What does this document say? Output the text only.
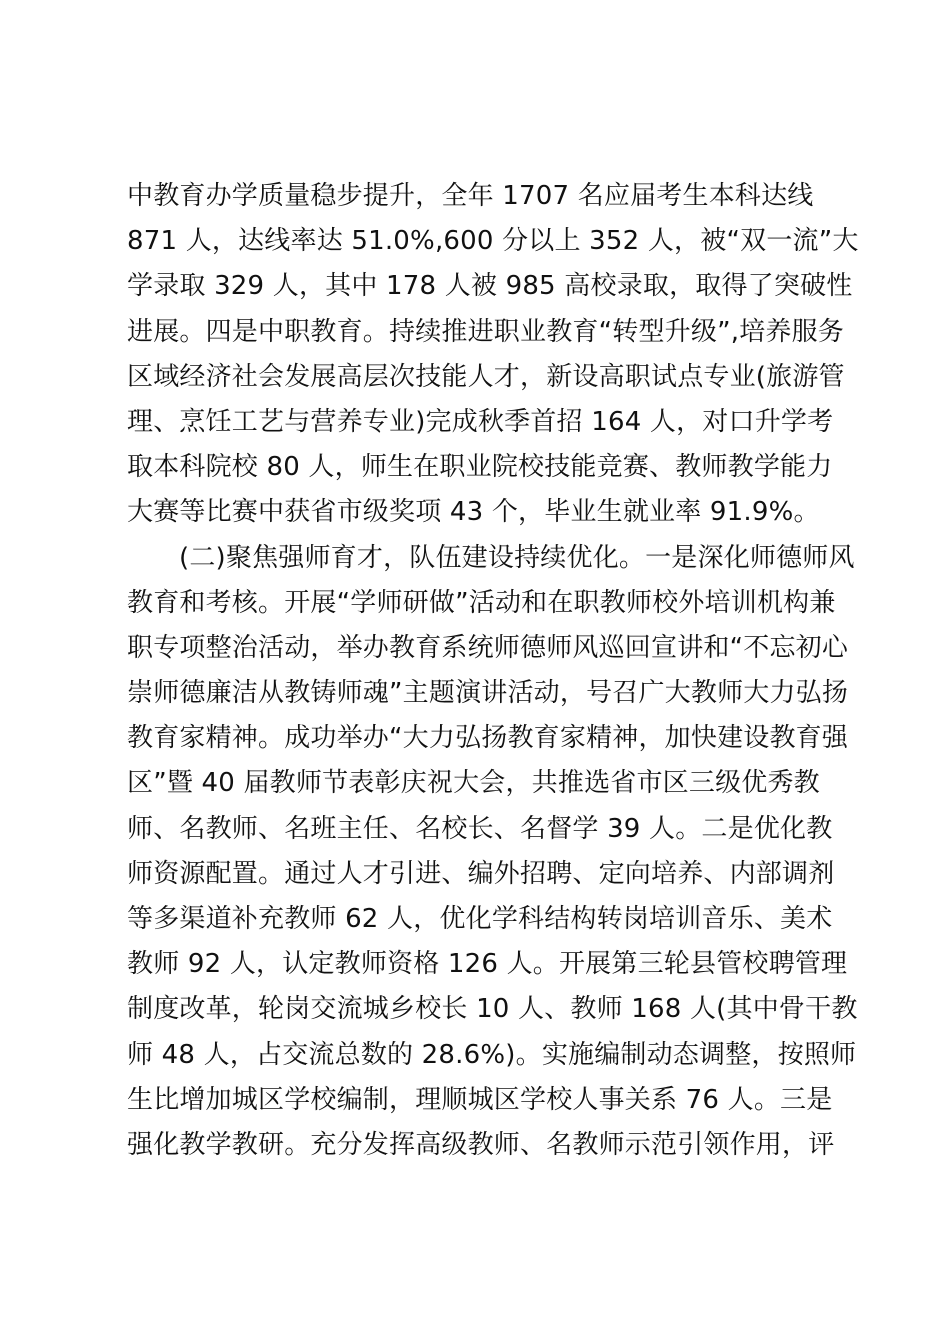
中教育办学质量稳步提升，全年 1707 名应届考生本科达线
871 人，达线率达 51.0%,600 分以上 352 人，被“双一流”大
学录取 329 人，其中 178 人被 985 高校录取，取得了突破性
进展。四是中职教育。持续推进职业教育“转型升级”,培养服务
区域经济社会发展高层次技能人才，新设高职试点专业(旅游管
理、烹饪工艺与营养专业)完成秋季首招 164 人，对口升学考
取本科院校 80 人，师生在职业院校技能竞赛、教师教学能力
大赛等比赛中获省市级奖项 43 个，毕业生就业率 91.9%。
(二)聚焦强师育才，队伍建设持续优化。一是深化师德师风
教育和考核。开展“学师研做”活动和在职教师校外培训机构兼
职专项整治活动，举办教育系统师德师风巡回宣讲和“不忘初心
崇师德廉洁从教铸师魂”主题演讲活动，号召广大教师大力弘扬
教育家精神。成功举办“大力弘扬教育家精神，加快建设教育强
区”暨 40 届教师节表彰庆祝大会，共推选省市区三级优秀教
师、名教师、名班主任、名校长、名督学 39 人。二是优化教
师资源配置。通过人才引进、编外招聘、定向培养、内部调剂
等多渠道补充教师 62 人，优化学科结构转岗培训音乐、美术
教师 92 人，认定教师资格 126 人。开展第三轮县管校聘管理
制度改革，轮岗交流城乡校长 10 人、教师 168 人(其中骨干教
师 48 人，占交流总数的 28.6%)。实施编制动态调整，按照师
生比增加城区学校编制，理顺城区学校人事关系 76 人。三是
强化教学教研。充分发挥高级教师、名教师示范引领作用，评
